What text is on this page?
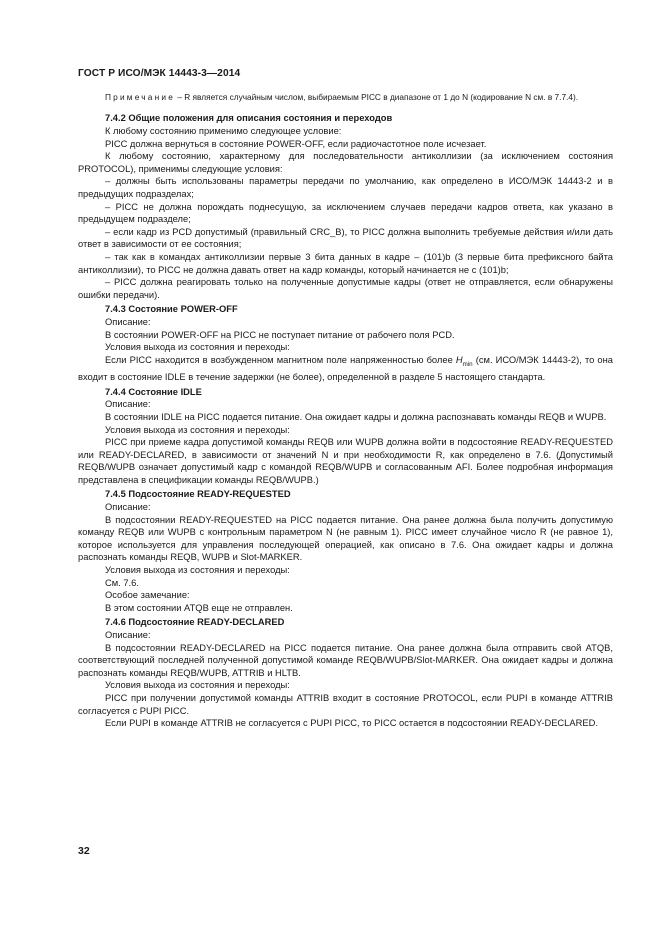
ГОСТ Р ИСО/МЭК 14443-3—2014

Примечание – R является случайным числом, выбираемым PICC в диапазоне от 1 до N (кодирование N см. в 7.7.4).

7.4.2 Общие положения для описания состояния и переходов

К любому состоянию применимо следующее условие:

PICC должна вернуться в состояние POWER-OFF, если радиочастотное поле исчезает.

К любому состоянию, характерному для последовательности антиколлизии (за исключением состояния PROTOCOL), применимы следующие условия:

– должны быть использованы параметры передачи по умолчанию, как определено в ИСО/МЭК 14443-2 и в предыдущих подразделах;

– PICC не должна порождать поднесущую, за исключением случаев передачи кадров ответа, как указано в предыдущем подразделе;

– если кадр из PCD допустимый (правильный CRC_B), то PICC должна выполнить требуемые действия и/или дать ответ в зависимости от ее состояния;

– так как в командах антиколлизии первые 3 бита данных в кадре – (101)b (3 первые бита префиксного байта антиколлизии), то PICC не должна давать ответ на кадр команды, который начинается не с (101)b;

– PICC должна реагировать только на полученные допустимые кадры (ответ не отправляется, если обнаружены ошибки передачи).

7.4.3 Состояние POWER-OFF

Описание:

В состоянии POWER-OFF на PICC не поступает питание от рабочего поля PCD.

Условия выхода из состояния и переходы:

Если PICC находится в возбужденном магнитном поле напряженностью более $H_{min}$ (см. ИСО/МЭК 14443-2), то она входит в состояние IDLE в течение задержки (не более), определенной в разделе 5 настоящего стандарта.

7.4.4 Состояние IDLE

Описание:

В состоянии IDLE на PICC подается питание. Она ожидает кадры и должна распознавать команды REQB и WUPB.

Условия выхода из состояния и переходы:

PICC при приеме кадра допустимой команды REQB или WUPB должна войти в подсостояние READY-REQUESTED или READY-DECLARED, в зависимости от значений N и при необходимости R, как определено в 7.6. (Допустимый REQB/WUPB означает допустимый кадр с командой REQB/WUPB и согласованным AFI. Более подробная информация представлена в спецификации команды REQB/WUPB.)

7.4.5 Подсостояние READY-REQUESTED

Описание:

В подсостоянии READY-REQUESTED на PICC подается питание. Она ранее должна была получить допустимую команду REQB или WUPB с контрольным параметром N (не равным 1). PICC имеет случайное число R (не равное 1), которое используется для управления последующей операцией, как описано в 7.6. Она ожидает кадры и должна распознать команды REQB, WUPB и Slot-MARKER.

Условия выхода из состояния и переходы:

См. 7.6.

Особое замечание:

В этом состоянии ATQB еще не отправлен.

7.4.6 Подсостояние READY-DECLARED

Описание:

В подсостоянии READY-DECLARED на PICC подается питание. Она ранее должна была отправить свой ATQB, соответствующий последней полученной допустимой команде REQB/WUPB/Slot-MARKER. Она ожидает кадры и должна распознать команды REQB/WUPB, ATTRIB и HLTB.

Условия выхода из состояния и переходы:

PICC при получении допустимой команды ATTRIB входит в состояние PROTOCOL, если PUPI в команде ATTRIB согласуется с PUPI PICC.

Если PUPI в команде ATTRIB не согласуется с PUPI PICC, то PICC остается в подсостоянии READY-DECLARED.

32
